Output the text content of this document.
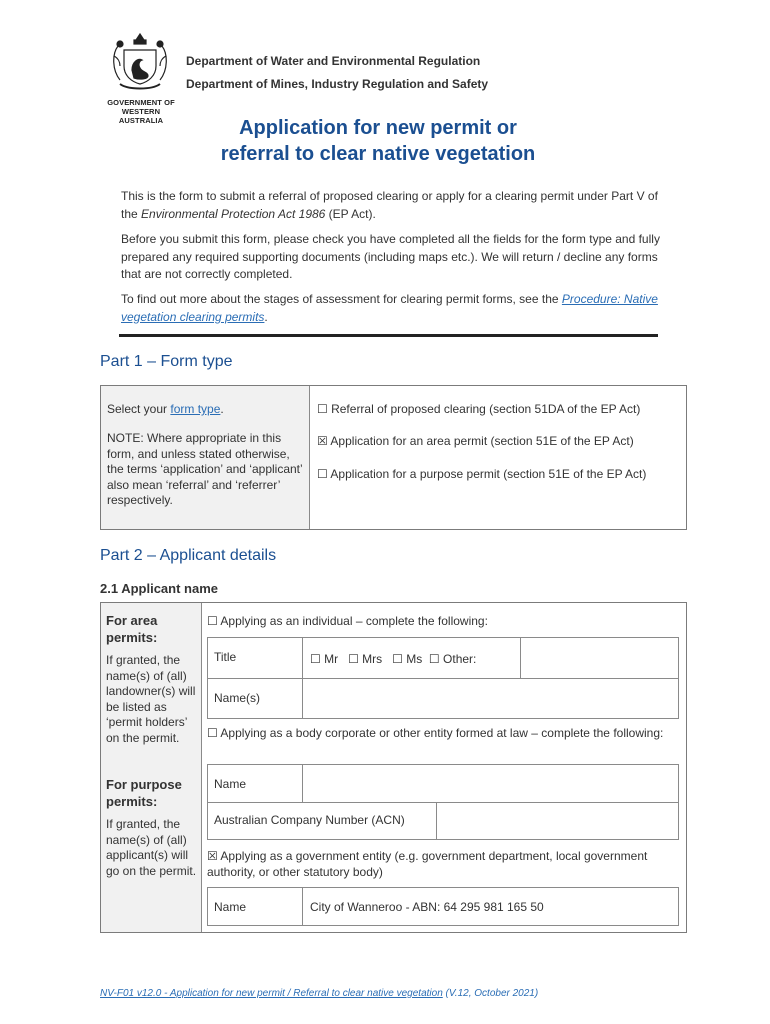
GOVERNMENT OF
WESTERN AUSTRALIA
Department of Water and Environmental Regulation
Department of Mines, Industry Regulation and Safety
Application for new permit or
referral to clear native vegetation
This is the form to submit a referral of proposed clearing or apply for a clearing permit under Part V of the Environmental Protection Act 1986 (EP Act).
Before you submit this form, please check you have completed all the fields for the form type and fully prepared any required supporting documents (including maps etc.). We will return / decline any forms that are not correctly completed.
To find out more about the stages of assessment for clearing permit forms, see the Procedure: Native vegetation clearing permits.
Part 1 – Form type
Select your form type.
NOTE: Where appropriate in this form, and unless stated otherwise, the terms ‘application’ and ‘applicant’ also mean ‘referral’ and ‘referrer’ respectively.
☐ Referral of proposed clearing (section 51DA of the EP Act)
☒ Application for an area permit (section 51E of the EP Act)
☐ Application for a purpose permit (section 51E of the EP Act)
Part 2 – Applicant details
2.1 Applicant name
For area permits:
If granted, the name(s) of (all) landowner(s) will be listed as ‘permit holders’ on the permit.
For purpose permits:
If granted, the name(s) of (all) applicant(s) will go on the permit.
☐ Applying as an individual – complete the following:
Title	☐ Mr   ☐ Mrs   ☐ Ms  ☐ Other:
Name(s)
☐ Applying as a body corporate or other entity formed at law – complete the following:
Name
Australian Company Number (ACN)
☒ Applying as a government entity (e.g. government department, local government authority, or other statutory body)
Name	City of Wanneroo - ABN: 64 295 981 165 50
NV-F01 v12.0 - Application for new permit / Referral to clear native vegetation (V.12, October 2021)
